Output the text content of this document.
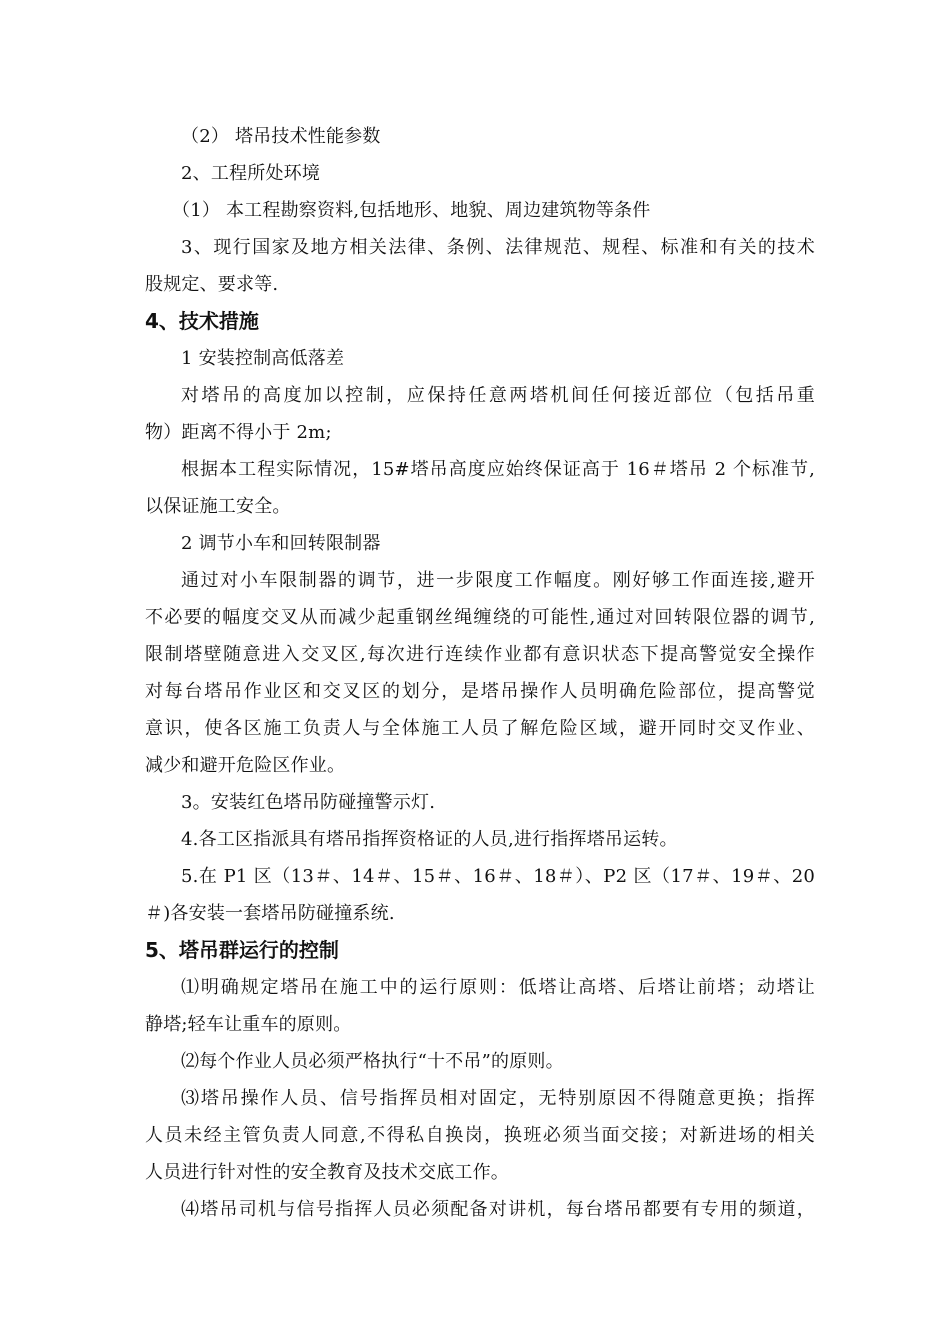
（2） 塔吊技术性能参数
2、工程所处环境
（1） 本工程勘察资料,包括地形、地貌、周边建筑物等条件
3、现行国家及地方相关法律、条例、法律规范、规程、标准和有关的技术
股规定、要求等.
4、技术措施
1 安装控制高低落差
对塔吊的高度加以控制，应保持任意两塔机间任何接近部位（包括吊重
物）距离不得小于 2m;
根据本工程实际情况，15#塔吊高度应始终保证高于 16＃塔吊 2 个标准节,
以保证施工安全。
2 调节小车和回转限制器
通过对小车限制器的调节，进一步限度工作幅度。刚好够工作面连接,避开
不必要的幅度交叉从而减少起重钢丝绳缠绕的可能性,通过对回转限位器的调节,
限制塔壁随意进入交叉区,每次进行连续作业都有意识状态下提高警觉安全操作
对每台塔吊作业区和交叉区的划分，是塔吊操作人员明确危险部位，提高警觉
意识，使各区施工负责人与全体施工人员了解危险区域，避开同时交叉作业、
减少和避开危险区作业。
3。安装红色塔吊防碰撞警示灯.
4.各工区指派具有塔吊指挥资格证的人员,进行指挥塔吊运转。
5.在 P1 区（13＃、14＃、15＃、16＃、18＃）、P2 区（17＃、19＃、20
＃)各安装一套塔吊防碰撞系统.
5、塔吊群运行的控制
⑴明确规定塔吊在施工中的运行原则：低塔让高塔、后塔让前塔；动塔让
静塔;轻车让重车的原则。
⑵每个作业人员必须严格执行“十不吊”的原则。
⑶塔吊操作人员、信号指挥员相对固定，无特别原因不得随意更换；指挥
人员未经主管负责人同意,不得私自换岗，换班必须当面交接；对新进场的相关
人员进行针对性的安全教育及技术交底工作。
⑷塔吊司机与信号指挥人员必须配备对讲机，每台塔吊都要有专用的频道，
